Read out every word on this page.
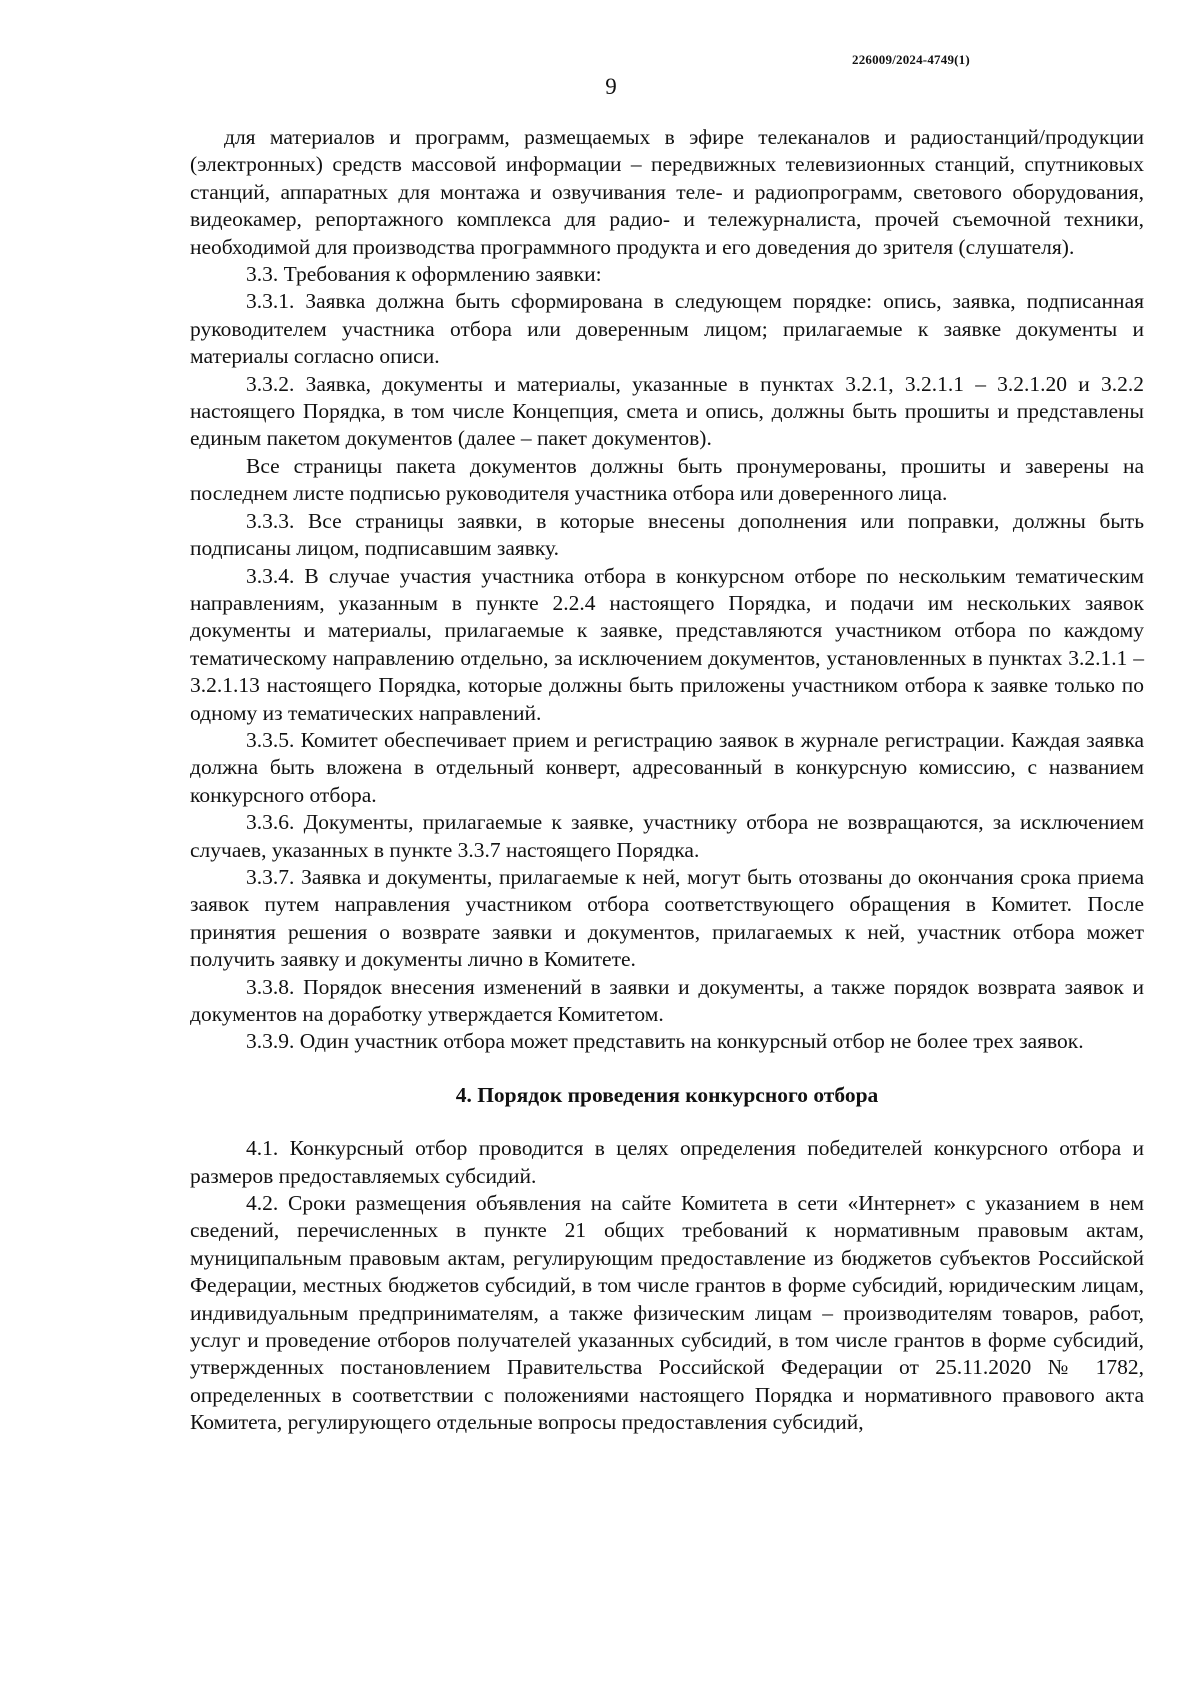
226009/2024-4749(1)
9

для материалов и программ, размещаемых в эфире телеканалов и радиостанций/продукции (электронных) средств массовой информации – передвижных телевизионных станций, спутниковых станций, аппаратных для монтажа и озвучивания теле- и радиопрограмм, светового оборудования, видеокамер, репортажного комплекса для радио- и тележурналиста, прочей съемочной техники, необходимой для производства программного продукта и его доведения до зрителя (слушателя).

3.3. Требования к оформлению заявки:

3.3.1. Заявка должна быть сформирована в следующем порядке: опись, заявка, подписанная руководителем участника отбора или доверенным лицом; прилагаемые к заявке документы и материалы согласно описи.

3.3.2. Заявка, документы и материалы, указанные в пунктах 3.2.1, 3.2.1.1 – 3.2.1.20 и 3.2.2 настоящего Порядка, в том числе Концепция, смета и опись, должны быть прошиты и представлены единым пакетом документов (далее – пакет документов).

Все страницы пакета документов должны быть пронумерованы, прошиты и заверены на последнем листе подписью руководителя участника отбора или доверенного лица.

3.3.3. Все страницы заявки, в которые внесены дополнения или поправки, должны быть подписаны лицом, подписавшим заявку.

3.3.4. В случае участия участника отбора в конкурсном отборе по нескольким тематическим направлениям, указанным в пункте 2.2.4 настоящего Порядка, и подачи им нескольких заявок документы и материалы, прилагаемые к заявке, представляются участником отбора по каждому тематическому направлению отдельно, за исключением документов, установленных в пунктах 3.2.1.1 – 3.2.1.13 настоящего Порядка, которые должны быть приложены участником отбора к заявке только по одному из тематических направлений.

3.3.5. Комитет обеспечивает прием и регистрацию заявок в журнале регистрации. Каждая заявка должна быть вложена в отдельный конверт, адресованный в конкурсную комиссию, с названием конкурсного отбора.

3.3.6. Документы, прилагаемые к заявке, участнику отбора не возвращаются, за исключением случаев, указанных в пункте 3.3.7 настоящего Порядка.

3.3.7. Заявка и документы, прилагаемые к ней, могут быть отозваны до окончания срока приема заявок путем направления участником отбора соответствующего обращения в Комитет. После принятия решения о возврате заявки и документов, прилагаемых к ней, участник отбора может получить заявку и документы лично в Комитете.

3.3.8. Порядок внесения изменений в заявки и документы, а также порядок возврата заявок и документов на доработку утверждается Комитетом.

3.3.9. Один участник отбора может представить на конкурсный отбор не более трех заявок.

4. Порядок проведения конкурсного отбора

4.1. Конкурсный отбор проводится в целях определения победителей конкурсного отбора и размеров предоставляемых субсидий.

4.2. Сроки размещения объявления на сайте Комитета в сети «Интернет» с указанием в нем сведений, перечисленных в пункте 21 общих требований к нормативным правовым актам, муниципальным правовым актам, регулирующим предоставление из бюджетов субъектов Российской Федерации, местных бюджетов субсидий, в том числе грантов в форме субсидий, юридическим лицам, индивидуальным предпринимателям, а также физическим лицам – производителям товаров, работ, услуг и проведение отборов получателей указанных субсидий, в том числе грантов в форме субсидий, утвержденных постановлением Правительства Российской Федерации от 25.11.2020 № 1782, определенных в соответствии с положениями настоящего Порядка и нормативного правового акта Комитета, регулирующего отдельные вопросы предоставления субсидий,
